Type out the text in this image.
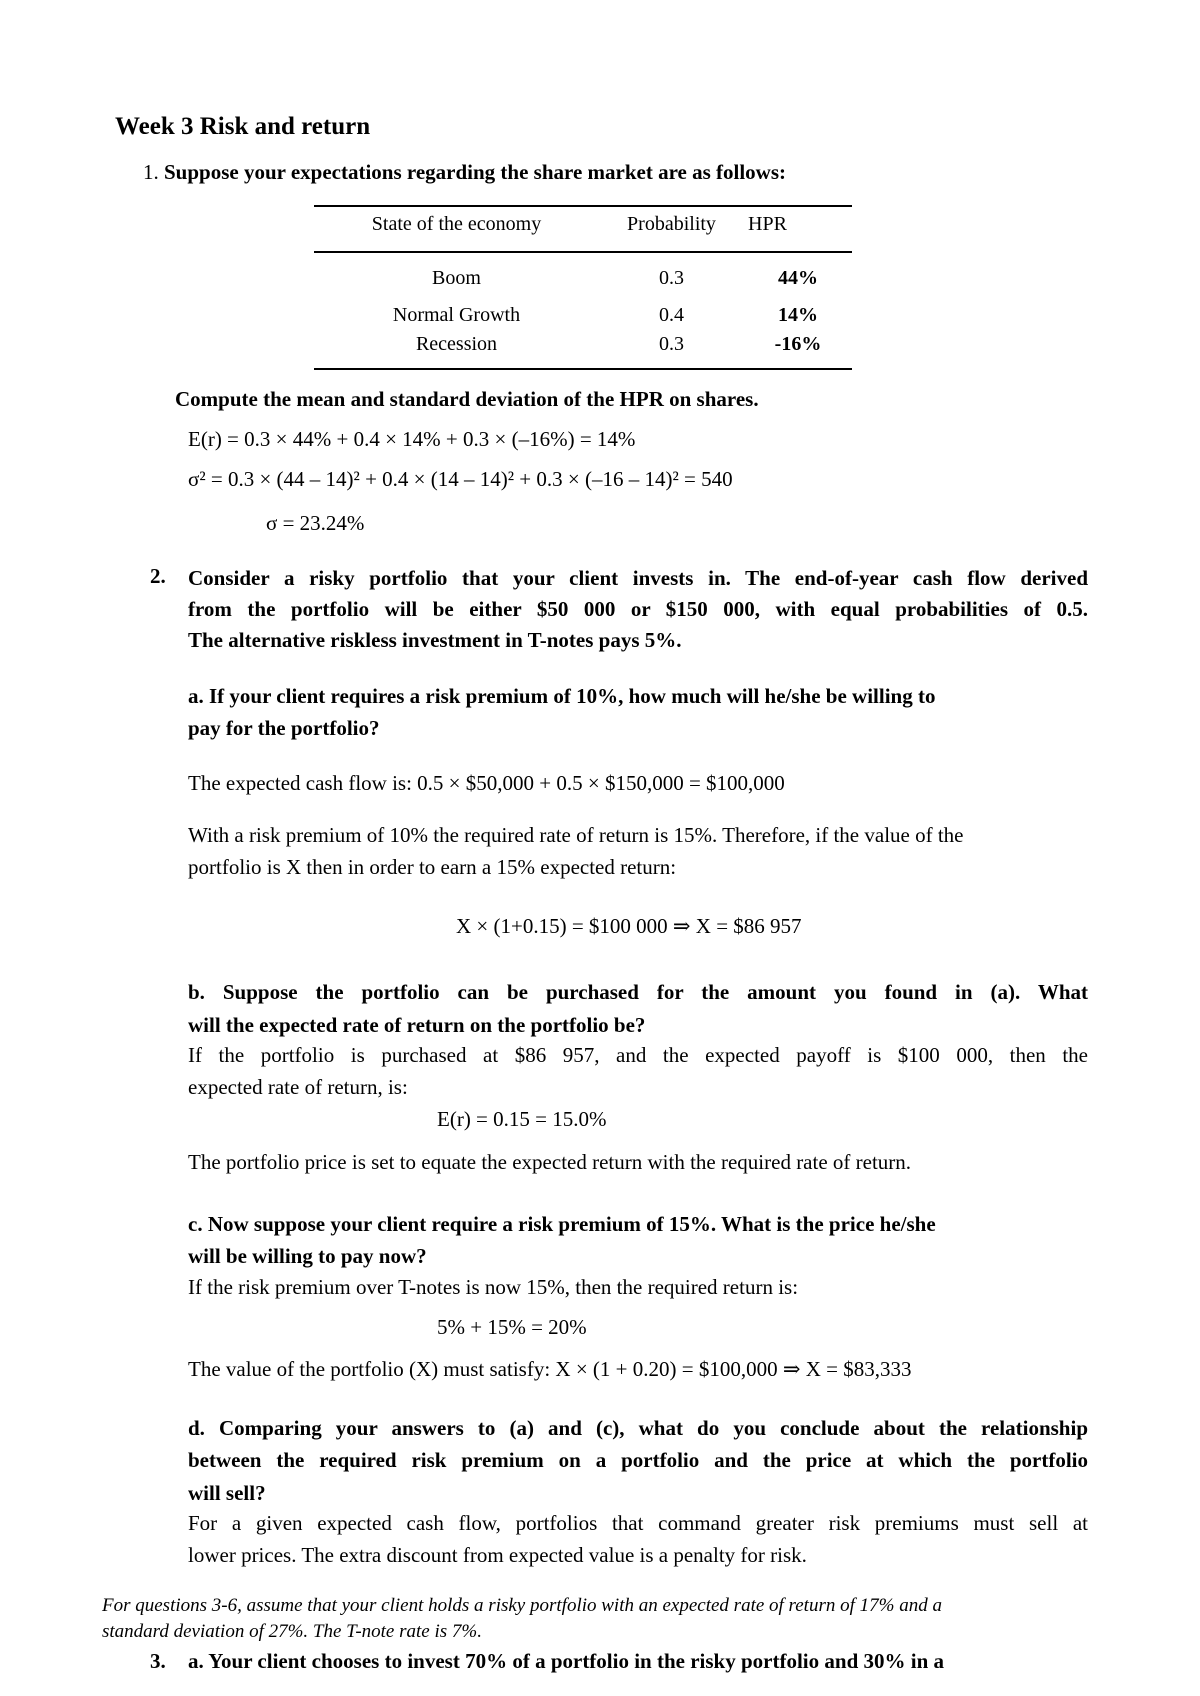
Week 3 Risk and return
1. Suppose your expectations regarding the share market are as follows:
State of the economy	Probability	HPR
Boom	0.3	44%
Normal Growth	0.4	14%
Recession	0.3	-16%
Compute the mean and standard deviation of the HPR on shares.
E(r) = 0.3 × 44% + 0.4 × 14% + 0.3 × (–16%) = 14%
σ² = 0.3 × (44 – 14)² + 0.4 × (14 – 14)² + 0.3 × (–16 – 14)² = 540
σ = 23.24%
2. Consider a risky portfolio that your client invests in. The end-of-year cash flow derived
from the portfolio will be either $50 000 or $150 000, with equal probabilities of 0.5.
The alternative riskless investment in T-notes pays 5%.
a. If your client requires a risk premium of 10%, how much will he/she be willing to
pay for the portfolio?
The expected cash flow is: 0.5 × $50,000 + 0.5 × $150,000 = $100,000
With a risk premium of 10% the required rate of return is 15%. Therefore, if the value of the
portfolio is X then in order to earn a 15% expected return:
X × (1+0.15) = $100 000 ⇒ X = $86 957
b. Suppose the portfolio can be purchased for the amount you found in (a). What
will the expected rate of return on the portfolio be?
If the portfolio is purchased at $86 957, and the expected payoff is $100 000, then the
expected rate of return, is:
E(r) = 0.15 = 15.0%
The portfolio price is set to equate the expected return with the required rate of return.
c. Now suppose your client require a risk premium of 15%. What is the price he/she
will be willing to pay now?
If the risk premium over T-notes is now 15%, then the required return is:
5% + 15% = 20%
The value of the portfolio (X) must satisfy: X × (1 + 0.20) = $100,000 ⇒ X = $83,333
d. Comparing your answers to (a) and (c), what do you conclude about the relationship
between the required risk premium on a portfolio and the price at which the portfolio
will sell?
For a given expected cash flow, portfolios that command greater risk premiums must sell at
lower prices. The extra discount from expected value is a penalty for risk.
For questions 3-6, assume that your client holds a risky portfolio with an expected rate of return of 17% and a
standard deviation of 27%. The T-note rate is 7%.
3. a. Your client chooses to invest 70% of a portfolio in the risky portfolio and 30% in a
